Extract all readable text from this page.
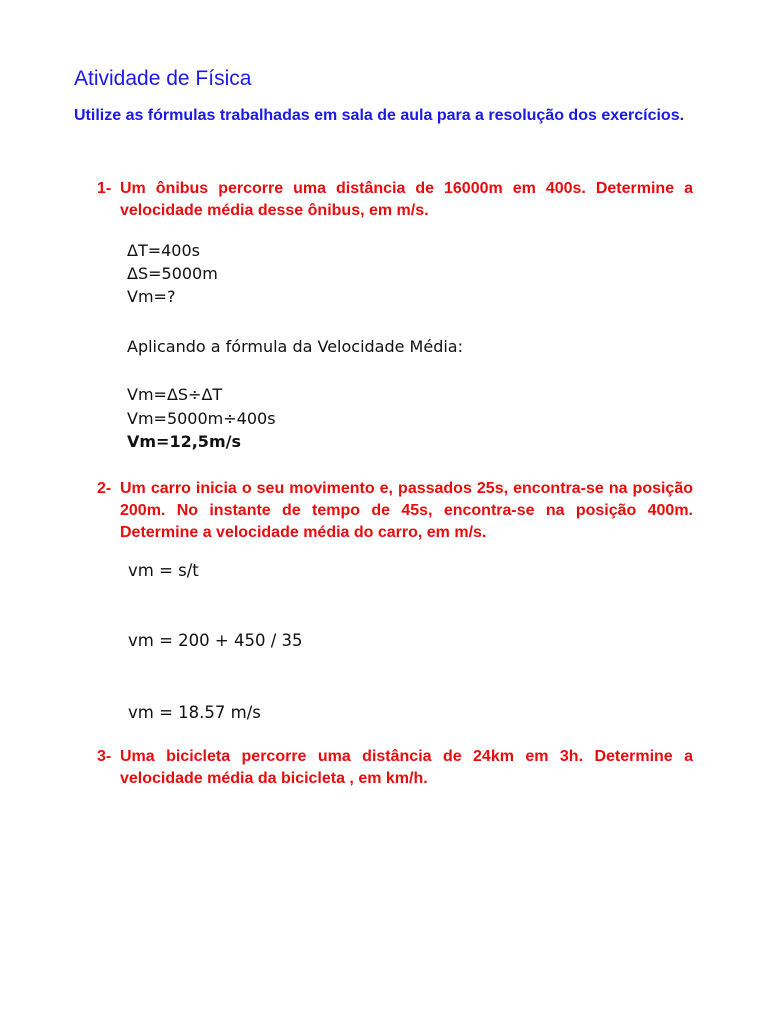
Atividade de Física

Utilize as fórmulas trabalhadas em sala de aula para a resolução dos exercícios.

1- Um ônibus percorre uma distância de 16000m em 400s. Determine a velocidade média desse ônibus, em m/s.
ΔT=400s
ΔS=5000m
Vm=?
Aplicando a fórmula da Velocidade Média:
Vm=ΔS÷ΔT
Vm=5000m÷400s
Vm=12,5m/s
2- Um carro inicia o seu movimento e, passados 25s, encontra-se na posição 200m. No instante de tempo de 45s, encontra-se na posição 400m. Determine a velocidade média do carro, em m/s.
vm = s/t
vm = 200 + 450 / 35
vm = 18.57 m/s
3- Uma bicicleta percorre uma distância de 24km em 3h. Determine a velocidade média da bicicleta , em km/h.
